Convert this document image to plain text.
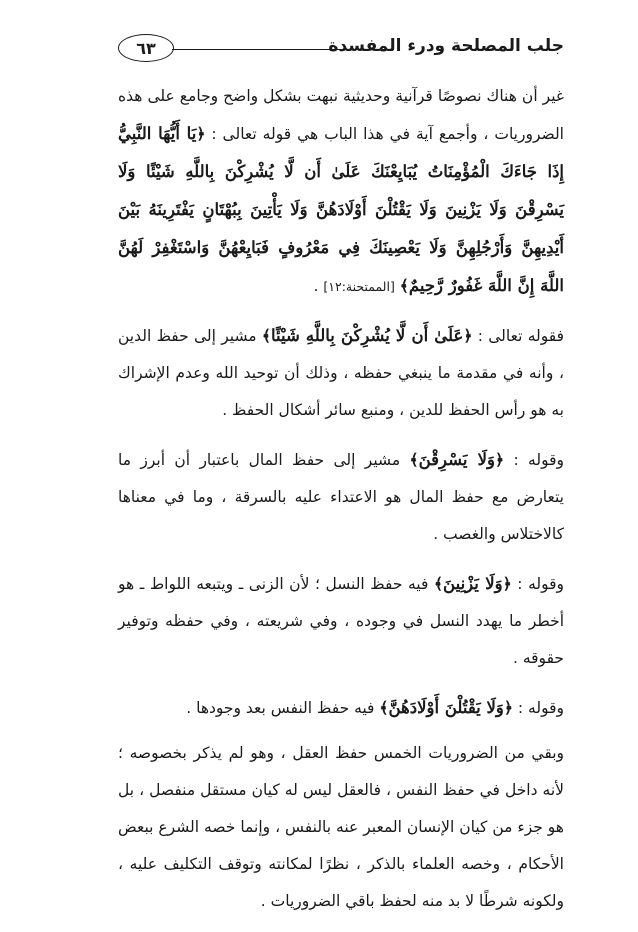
جلب المصلحة ودرء المفسدة
٦٣

غير أن هناك نصوصًا قرآنية وحديثية نبهت بشكل واضح وجامع على هذه الضروريات ، وأجمع آية في هذا الباب هي قوله تعالى : ﴿يَا أَيُّهَا النَّبِيُّ إِذَا جَاءَكَ الْمُؤْمِنَاتُ يُبَايِعْنَكَ عَلَىٰ أَن لَّا يُشْرِكْنَ بِاللَّهِ شَيْئًا وَلَا يَسْرِقْنَ وَلَا يَزْنِينَ وَلَا يَقْتُلْنَ أَوْلَادَهُنَّ وَلَا يَأْتِينَ بِبُهْتَانٍ يَفْتَرِينَهُ بَيْنَ أَيْدِيهِنَّ وَأَرْجُلِهِنَّ وَلَا يَعْصِينَكَ فِي مَعْرُوفٍ فَبَايِعْهُنَّ وَاسْتَغْفِرْ لَهُنَّ اللَّهَ إِنَّ اللَّهَ غَفُورٌ رَّحِيمٌ﴾ [الممتحنة:١٢] .

فقوله تعالى : ﴿عَلَىٰ أَن لَّا يُشْرِكْنَ بِاللَّهِ شَيْئًا﴾ مشير إلى حفظ الدين ، وأنه في مقدمة ما ينبغي حفظه ، وذلك أن توحيد الله وعدم الإشراك به هو رأس الحفظ للدين ، ومنبع سائر أشكال الحفظ .

وقوله : ﴿وَلَا يَسْرِقْنَ﴾ مشير إلى حفظ المال باعتبار أن أبرز ما يتعارض مع حفظ المال هو الاعتداء عليه بالسرقة ، وما في معناها كالاختلاس والغصب .

وقوله : ﴿وَلَا يَزْنِينَ﴾ فيه حفظ النسل ؛ لأن الزنى ـ ويتبعه اللواط ـ هو أخطر ما يهدد النسل في وجوده ، وفي شريعته ، وفي حفظه وتوفير حقوقه .

وقوله : ﴿وَلَا يَقْتُلْنَ أَوْلَادَهُنَّ﴾ فيه حفظ النفس بعد وجودها .

وبقي من الضروريات الخمس حفظ العقل ، وهو لم يذكر بخصوصه ؛ لأنه داخل في حفظ النفس ، فالعقل ليس له كيان مستقل منفصل ، بل هو جزء من كيان الإنسان المعبر عنه بالنفس ، وإنما خصه الشرع ببعض الأحكام ، وخصه العلماء بالذكر ، نظرًا لمكانته وتوقف التكليف عليه ، ولكونه شرطًا لا بد منه لحفظ باقي الضروريات .
